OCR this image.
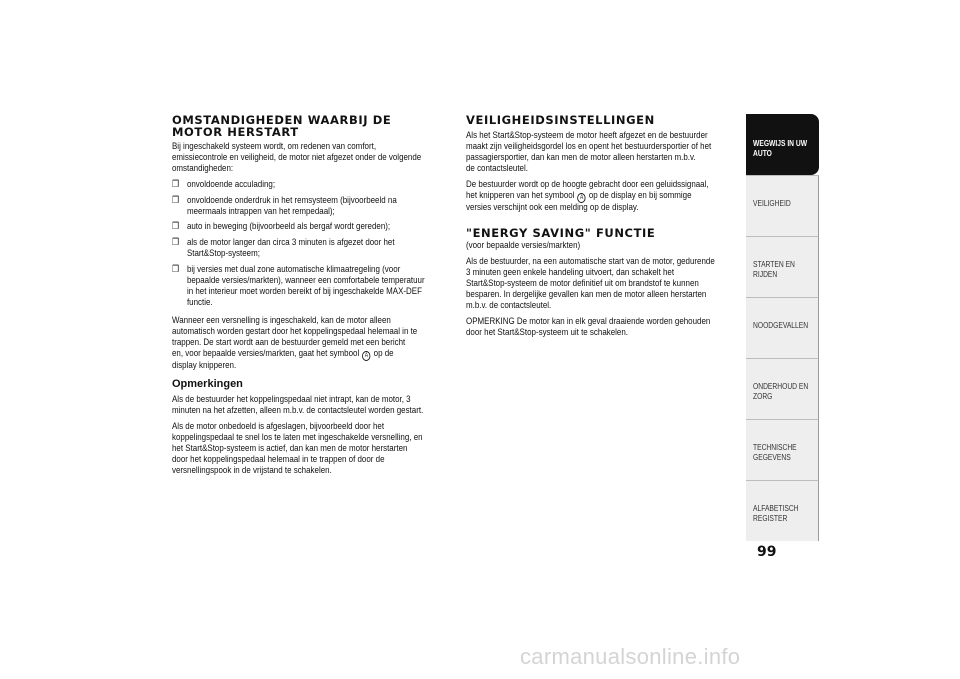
OMSTANDIGHEDEN WAARBIJ DE
MOTOR HERSTART
Bij ingeschakeld systeem wordt, om redenen van comfort,
emissiecontrole en veiligheid, de motor niet afgezet onder de volgende
omstandigheden:
❒ onvoldoende acculading;
❒ onvoldoende onderdruk in het remsysteem (bijvoorbeeld na
meermaals intrappen van het rempedaal);
❒ auto in beweging (bijvoorbeeld als bergaf wordt gereden);
❒ als de motor langer dan circa 3 minuten is afgezet door het
Start&Stop-systeem;
❒ bij versies met dual zone automatische klimaatregeling (voor
bepaalde versies/markten), wanneer een comfortabele temperatuur
in het interieur moet worden bereikt of bij ingeschakelde MAX-DEF
functie.
Wanneer een versnelling is ingeschakeld, kan de motor alleen
automatisch worden gestart door het koppelingspedaal helemaal in te
trappen. De start wordt aan de bestuurder gemeld met een bericht
en, voor bepaalde versies/markten, gaat het symbool A op de
display knipperen.
Opmerkingen
Als de bestuurder het koppelingspedaal niet intrapt, kan de motor, 3
minuten na het afzetten, alleen m.b.v. de contactsleutel worden gestart.
Als de motor onbedoeld is afgeslagen, bijvoorbeeld door het
koppelingspedaal te snel los te laten met ingeschakelde versnelling, en
het Start&Stop-systeem is actief, dan kan men de motor herstarten
door het koppelingspedaal helemaal in te trappen of door de
versnellingspook in de vrijstand te schakelen.
VEILIGHEIDSINSTELLINGEN
Als het Start&Stop-systeem de motor heeft afgezet en de bestuurder
maakt zijn veiligheidsgordel los en opent het bestuurdersportier of het
passagiersportier, dan kan men de motor alleen herstarten m.b.v.
de contactsleutel.
De bestuurder wordt op de hoogte gebracht door een geluidssignaal,
het knipperen van het symbool A op de display en bij sommige
versies verschijnt ook een melding op de display.
"ENERGY SAVING" FUNCTIE
(voor bepaalde versies/markten)
Als de bestuurder, na een automatische start van de motor, gedurende
3 minuten geen enkele handeling uitvoert, dan schakelt het
Start&Stop-systeem de motor definitief uit om brandstof te kunnen
besparen. In dergelijke gevallen kan men de motor alleen herstarten
m.b.v. de contactsleutel.
OPMERKING De motor kan in elk geval draaiende worden gehouden
door het Start&Stop-systeem uit te schakelen.
WEGWIJS IN UW AUTO
VEILIGHEID
STARTEN EN RIJDEN
NOODGEVALLEN
ONDERHOUD EN ZORG
TECHNISCHE GEGEVENS
ALFABETISCH REGISTER
99
carmanualsonline.info
